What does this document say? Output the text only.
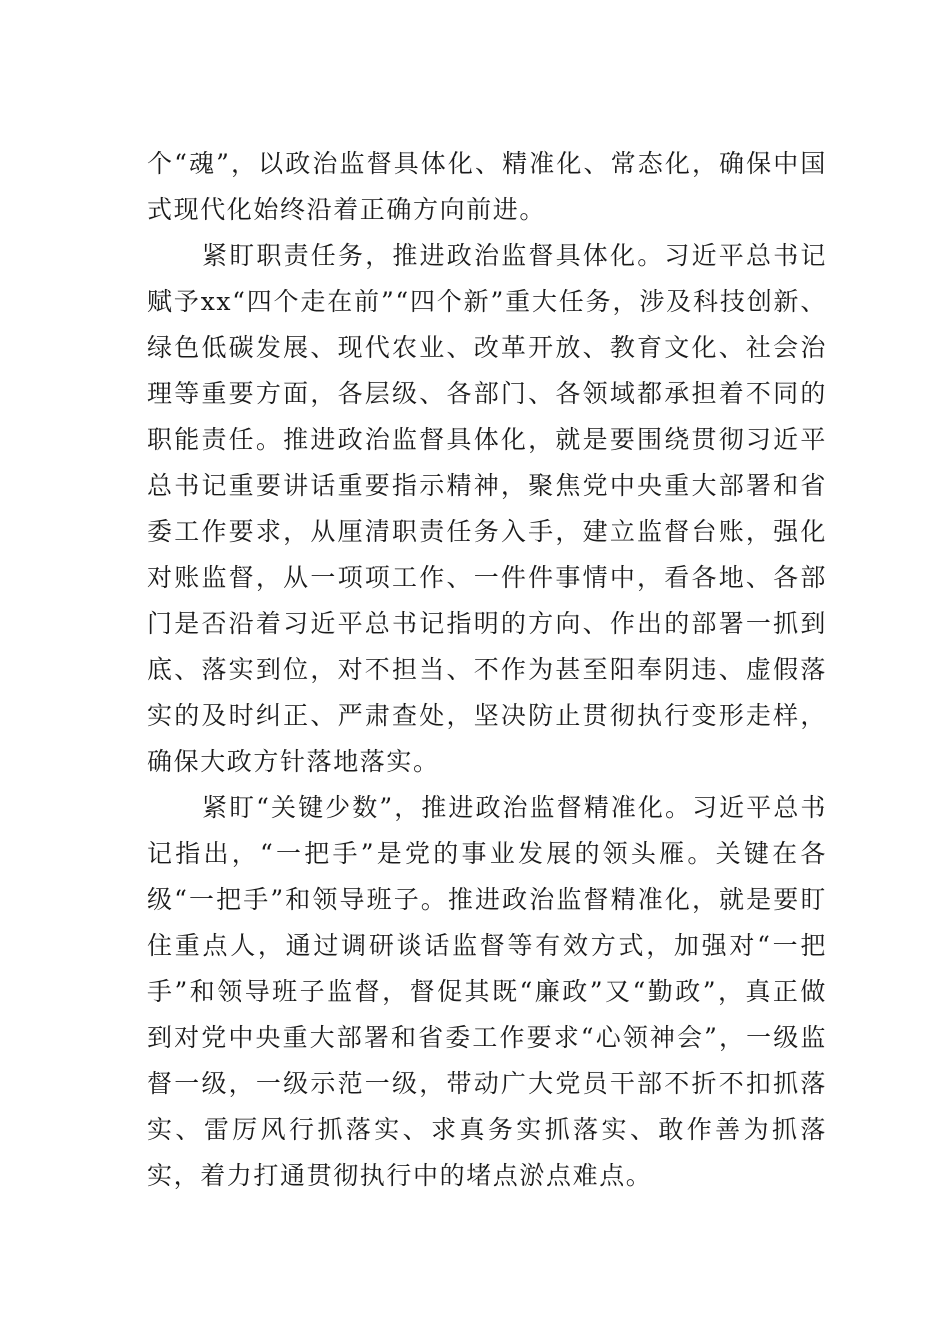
个“魂”，以政治监督具体化、精准化、常态化，确保中国式现代化始终沿着正确方向前进。

紧盯职责任务，推进政治监督具体化。习近平总书记赋予xx“四个走在前”“四个新”重大任务，涉及科技创新、绿色低碳发展、现代农业、改革开放、教育文化、社会治理等重要方面，各层级、各部门、各领域都承担着不同的职能责任。推进政治监督具体化，就是要围绕贯彻习近平总书记重要讲话重要指示精神，聚焦党中央重大部署和省委工作要求，从厘清职责任务入手，建立监督台账，强化对账监督，从一项项工作、一件件事情中，看各地、各部门是否沿着习近平总书记指明的方向、作出的部署一抓到底、落实到位，对不担当、不作为甚至阳奉阴违、虚假落实的及时纠正、严肃查处，坚决防止贯彻执行变形走样，确保大政方针落地落实。

紧盯“关键少数”，推进政治监督精准化。习近平总书记指出，“一把手”是党的事业发展的领头雁。关键在各级“一把手”和领导班子。推进政治监督精准化，就是要盯住重点人，通过调研谈话监督等有效方式，加强对“一把手”和领导班子监督，督促其既“廉政”又“勤政”，真正做到对党中央重大部署和省委工作要求“心领神会”，一级监督一级，一级示范一级，带动广大党员干部不折不扣抓落实、雷厉风行抓落实、求真务实抓落实、敢作善为抓落实，着力打通贯彻执行中的堵点淤点难点。
